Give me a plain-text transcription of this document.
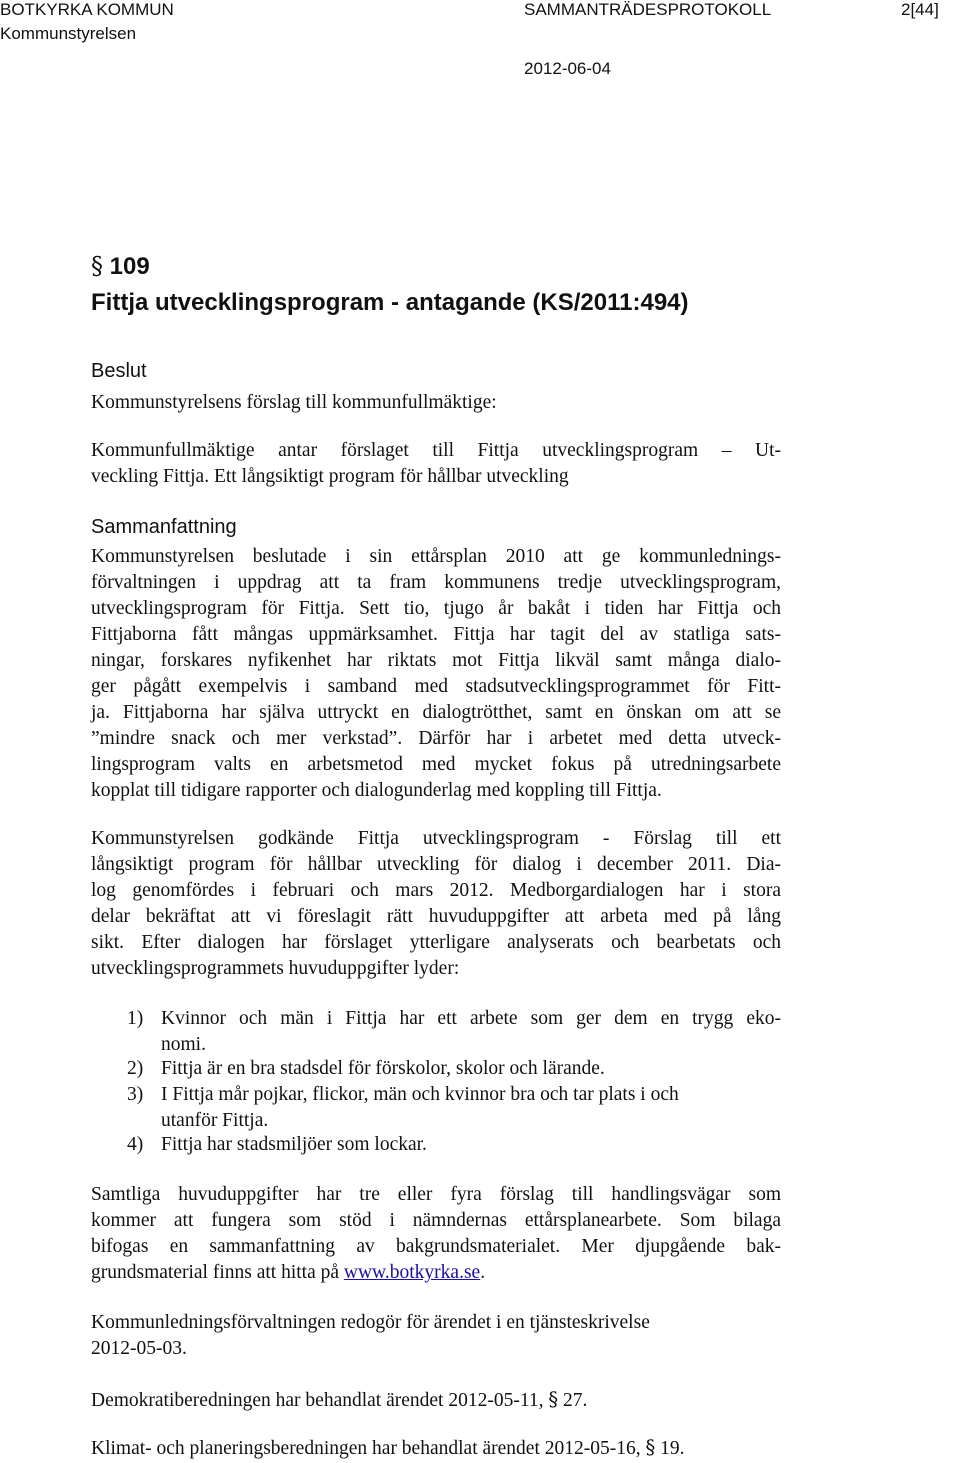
BOTKYRKA KOMMUN	SAMMANTRÄDESPROTOKOLL	2[44]
Kommunstyrelsen
2012-06-04
§ 109
Fittja utvecklingsprogram - antagande (KS/2011:494)
Beslut
Kommunstyrelsens förslag till kommunfullmäktige:
Kommunfullmäktige antar förslaget till Fittja utvecklingsprogram – Ut-
veckling Fittja. Ett långsiktigt program för hållbar utveckling
Sammanfattning
Kommunstyrelsen beslutade i sin ettårsplan 2010 att ge kommunlednings-
förvaltningen i uppdrag att ta fram kommunens tredje utvecklingsprogram,
utvecklingsprogram för Fittja. Sett tio, tjugo år bakåt i tiden har Fittja och
Fittjaborna fått mångas uppmärksamhet. Fittja har tagit del av statliga sats-
ningar, forskares nyfikenhet har riktats mot Fittja likväl samt många dialo-
ger pågått exempelvis i samband med stadsutvecklingsprogrammet för Fitt-
ja. Fittjaborna har själva uttryckt en dialogtrötthet, samt en önskan om att se
”mindre snack och mer verkstad”. Därför har i arbetet med detta utveck-
lingsprogram valts en arbetsmetod med mycket fokus på utredningsarbete
kopplat till tidigare rapporter och dialogunderlag med koppling till Fittja.
Kommunstyrelsen godkände Fittja utvecklingsprogram - Förslag till ett
långsiktigt program för hållbar utveckling för dialog i december 2011. Dia-
log genomfördes i februari och mars 2012. Medborgardialogen har i stora
delar bekräftat att vi föreslagit rätt huvuduppgifter att arbeta med på lång
sikt. Efter dialogen har förslaget ytterligare analyserats och bearbetats och
utvecklingsprogrammets huvuduppgifter lyder:
1) Kvinnor och män i Fittja har ett arbete som ger dem en trygg eko-
nomi.
2) Fittja är en bra stadsdel för förskolor, skolor och lärande.
3) I Fittja mår pojkar, flickor, män och kvinnor bra och tar plats i och
utanför Fittja.
4) Fittja har stadsmiljöer som lockar.
Samtliga huvuduppgifter har tre eller fyra förslag till handlingsvägar som
kommer att fungera som stöd i nämndernas ettårsplanearbete. Som bilaga
bifogas en sammanfattning av bakgrundsmaterialet. Mer djupgående bak-
grundsmaterial finns att hitta på www.botkyrka.se.
Kommunledningsförvaltningen redogör för ärendet i en tjänsteskrivelse
2012-05-03.
Demokratiberedningen har behandlat ärendet 2012-05-11, § 27.
Klimat- och planeringsberedningen har behandlat ärendet 2012-05-16, § 19.
